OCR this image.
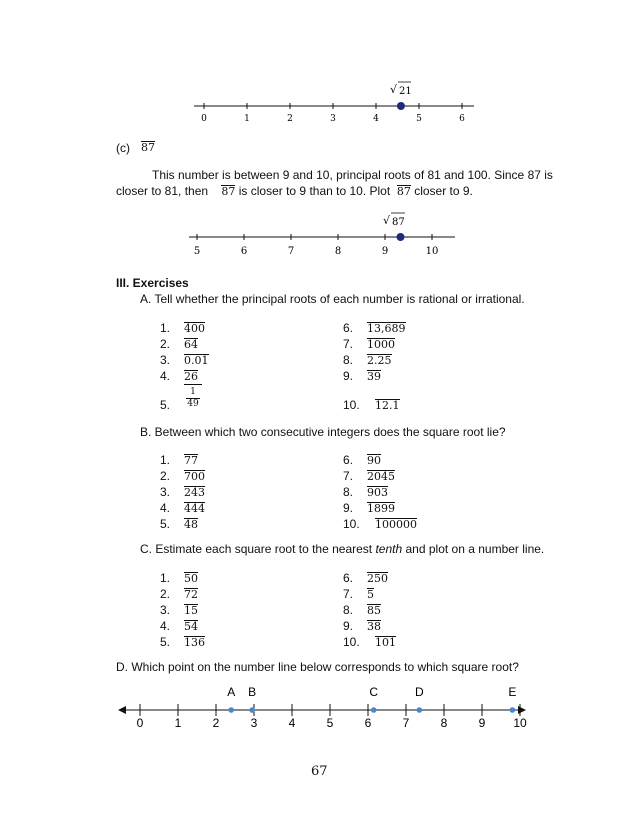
√ 21
0	1	2	3	4	5	6
(c) 87
This number is between 9 and 10, principal roots of 81 and 100. Since 87 is
closer to 81, then 87 is closer to 9 than to 10. Plot 87 closer to 9.
√ 87
5	6	7	8	9	10
III. Exercises
A. Tell whether the principal roots of each number is rational or irrational.
1. 400
2. 64
3. 0.01
4. 26
5.
1
49
6. 13,689
7. 1000
8. 2.25
9. 39
10. 12.1
B. Between which two consecutive integers does the square root lie?
1. 77
2. 700
3. 243
4. 444
5. 48
6. 90
7. 2045
8. 903
9. 1899
10. 100000
C. Estimate each square root to the nearest tenth and plot on a number line.
1. 50
2. 72
3. 15
4. 54
5. 136
6. 250
7. 5
8. 85
9. 38
10. 101
D. Which point on the number line below corresponds to which square root?
0	1	2	3	4	5	6	7	8	9 10
A B	C	D	E
67
